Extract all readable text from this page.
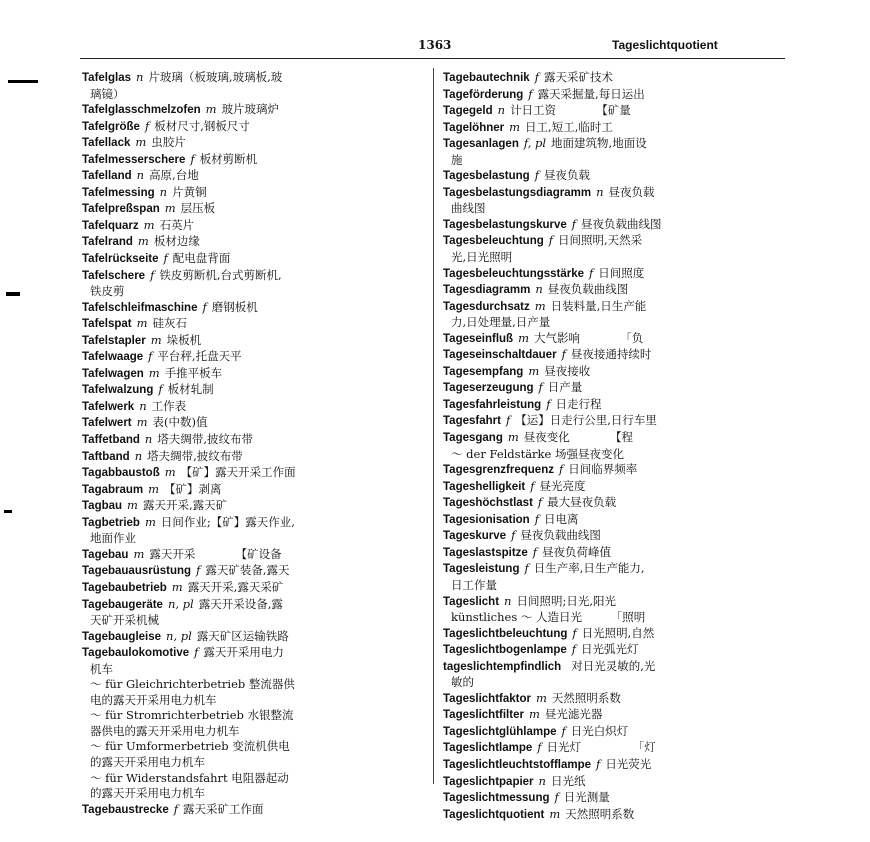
1363	Tageslichtquotient
Tafelglas n 片玻璃（板玻璃,玻璃板,玻
璃镜）
Tafelglasschmelzofen m 玻片玻璃炉
Tafelgröße f 板材尺寸,钢板尺寸
Tafellack m 虫胶片
Tafelmesserschere f 板材剪断机
Tafelland n 高原,台地
Tafelmessing n 片黄铜
Tafelpreßspan m 层压板
Tafelquarz m 石英片
Tafelrand m 板材边缘
Tafelrückseite f 配电盘背面
Tafelschere f 铁皮剪断机,台式剪断机,
铁皮剪
Tafelschleifmaschine f 磨钢板机
Tafelspat m 硅灰石
Tafelstapler m 垛板机
Tafelwaage f 平台秤,托盘天平
Tafelwagen m 手推平板车
Tafelwalzung f 板材轧制
Tafelwerk n 工作表
Tafelwert m 表(中数)值
Taffetband n 塔夫绸带,披纹布带
Taftband n 塔夫绸带,披纹布带
Tagabbaustoß m 【矿】露天开采工作面
Tagabraum m 【矿】剥离
Tagbau m 露天开采,露天矿
Tagbetrieb m 日间作业;【矿】露天作业,
地面作业
Tagebau m 露天开采　　　　【矿设备
Tagebauausrüstung f 露天矿装备,露天
Tagebaubetrieb m 露天开采,露天采矿
Tagebaugeräte n, pl 露天开采设备,露
天矿开采机械
Tagebaugleise n, pl 露天矿区运输铁路
Tagebaulokomotive f 露天开采用电力
机车
～ für Gleichrichterbetrieb 整流器供
电的露天开采用电力机车
～ für Stromrichterbetrieb 水银整流
器供电的露天开采用电力机车
～ für Umformerbetrieb 变流机供电
的露天开采用电力机车
～ für Widerstandsfahrt 电阻器起动
的露天开采用电力机车
Tagebaustrecke f 露天采矿工作面
Tagebautechnik f 露天采矿技术
Tageförderung f 露天采掘量,每日运出
Tagegeld n 计日工资　　　　【矿量
Tagelöhner m 日工,短工,临时工
Tagesanlagen f, pl 地面建筑物,地面设
施
Tagesbelastung f 昼夜负载
Tagesbelastungsdiagramm n 昼夜负载
曲线图
Tagesbelastungskurve f 昼夜负载曲线图
Tagesbeleuchtung f 日间照明,天然采
光,日光照明
Tagesbeleuchtungsstärke f 日间照度
Tagesdiagramm n 昼夜负载曲线图
Tagesdurchsatz m 日装料量,日生产能
力,日处理量,日产量
Tageseinfluß m 大气影响　　　　「负
Tageseinschaltdauer f 昼夜接通持续时
Tagesempfang m 昼夜接收
Tageserzeugung f 日产量
Tagesfahrleistung f 日走行程
Tagesfahrt f 【运】日走行公里,日行车里
Tagesgang m 昼夜变化　　　　【程
～ der Feldstärke 场强昼夜变化
Tagesgrenzfrequenz f 日间临界频率
Tageshelligkeit f 昼光亮度
Tageshöchstlast f 最大昼夜负载
Tagesionisation f 日电离
Tageskurve f 昼夜负载曲线图
Tageslastspitze f 昼夜负荷峰值
Tagesleistung f 日生产率,日生产能力,
日工作量
Tageslicht n 日间照明;日光,阳光
künstliches ～ 人造日光　　　「照明
Tageslichtbeleuchtung f 日光照明,自然
Tageslichtbogenlampe f 日光弧光灯
tageslichtempfindlich 对日光灵敏的,光
敏的
Tageslichtfaktor m 天然照明系数
Tageslichtfilter m 昼光滤光器
Tageslichtglühlampe f 日光白炽灯
Tageslichtlampe f 日光灯　　　　　「灯
Tageslichtleuchtstofflampe f 日光荧光
Tageslichtpapier n 日光纸
Tageslichtmessung f 日光测量
Tageslichtquotient m 天然照明系数
